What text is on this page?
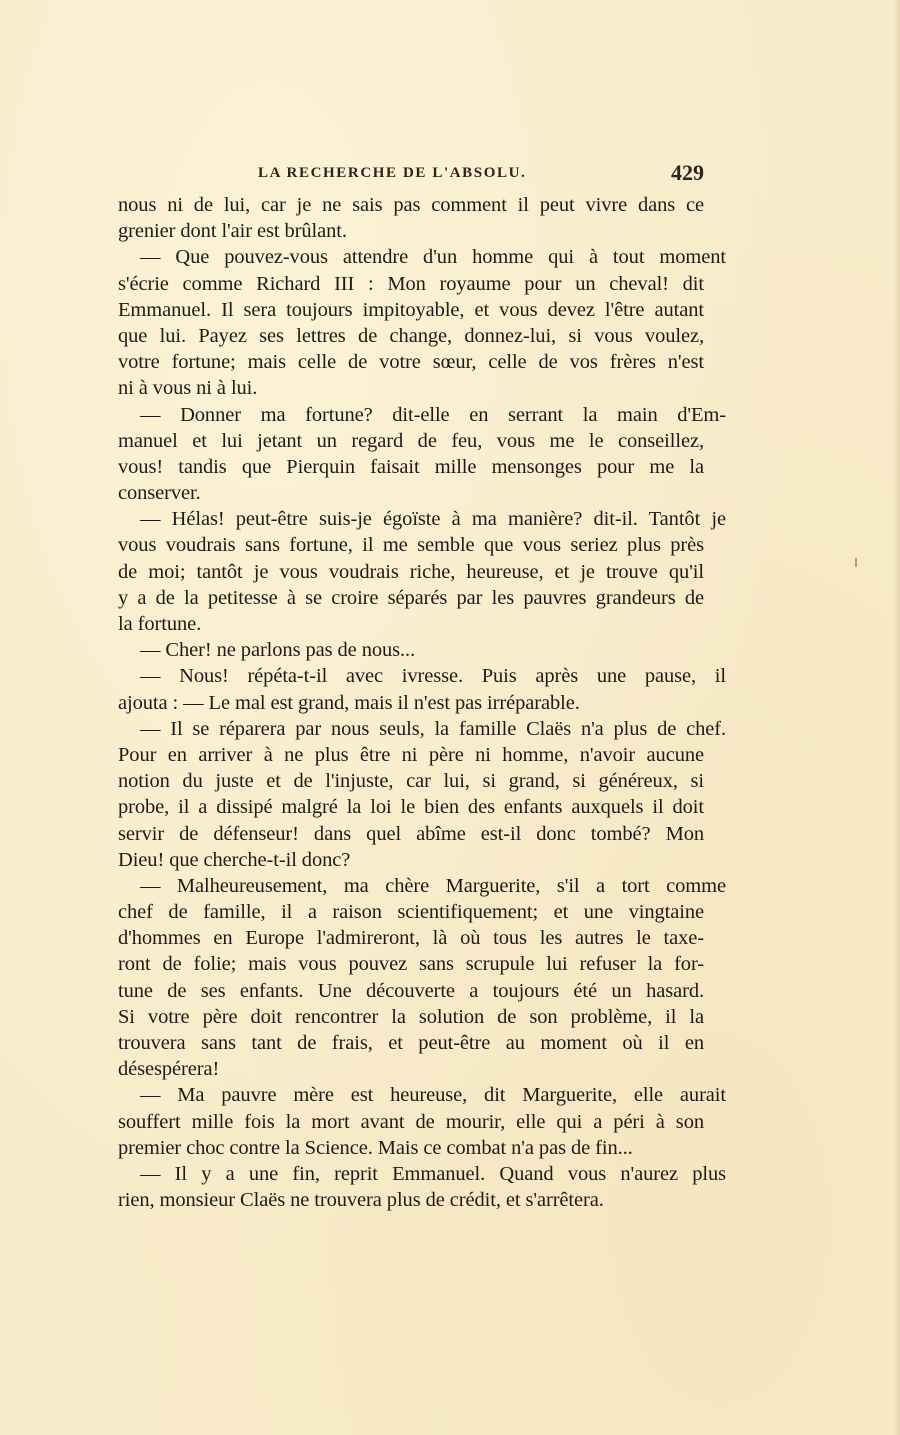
LA RECHERCHE DE L'ABSOLU.	429
nous ni de lui, car je ne sais pas comment il peut vivre dans ce
grenier dont l'air est brûlant.
— Que pouvez-vous attendre d'un homme qui à tout moment
s'écrie comme Richard III : Mon royaume pour un cheval! dit
Emmanuel. Il sera toujours impitoyable, et vous devez l'être autant
que lui. Payez ses lettres de change, donnez-lui, si vous voulez,
votre fortune; mais celle de votre sœur, celle de vos frères n'est
ni à vous ni à lui.
— Donner ma fortune? dit-elle en serrant la main d'Em-
manuel et lui jetant un regard de feu, vous me le conseillez,
vous! tandis que Pierquin faisait mille mensonges pour me la
conserver.
— Hélas! peut-être suis-je égoïste à ma manière? dit-il. Tantôt je
vous voudrais sans fortune, il me semble que vous seriez plus près
de moi; tantôt je vous voudrais riche, heureuse, et je trouve qu'il
y a de la petitesse à se croire séparés par les pauvres grandeurs de
la fortune.
— Cher! ne parlons pas de nous...
— Nous! répéta-t-il avec ivresse. Puis après une pause, il
ajouta : — Le mal est grand, mais il n'est pas irréparable.
— Il se réparera par nous seuls, la famille Claës n'a plus de chef.
Pour en arriver à ne plus être ni père ni homme, n'avoir aucune
notion du juste et de l'injuste, car lui, si grand, si généreux, si
probe, il a dissipé malgré la loi le bien des enfants auxquels il doit
servir de défenseur! dans quel abîme est-il donc tombé? Mon
Dieu! que cherche-t-il donc?
— Malheureusement, ma chère Marguerite, s'il a tort comme
chef de famille, il a raison scientifiquement; et une vingtaine
d'hommes en Europe l'admireront, là où tous les autres le taxe-
ront de folie; mais vous pouvez sans scrupule lui refuser la for-
tune de ses enfants. Une découverte a toujours été un hasard.
Si votre père doit rencontrer la solution de son problème, il la
trouvera sans tant de frais, et peut-être au moment où il en
désespérera!
— Ma pauvre mère est heureuse, dit Marguerite, elle aurait
souffert mille fois la mort avant de mourir, elle qui a péri à son
premier choc contre la Science. Mais ce combat n'a pas de fin...
— Il y a une fin, reprit Emmanuel. Quand vous n'aurez plus
rien, monsieur Claës ne trouvera plus de crédit, et s'arrêtera.
